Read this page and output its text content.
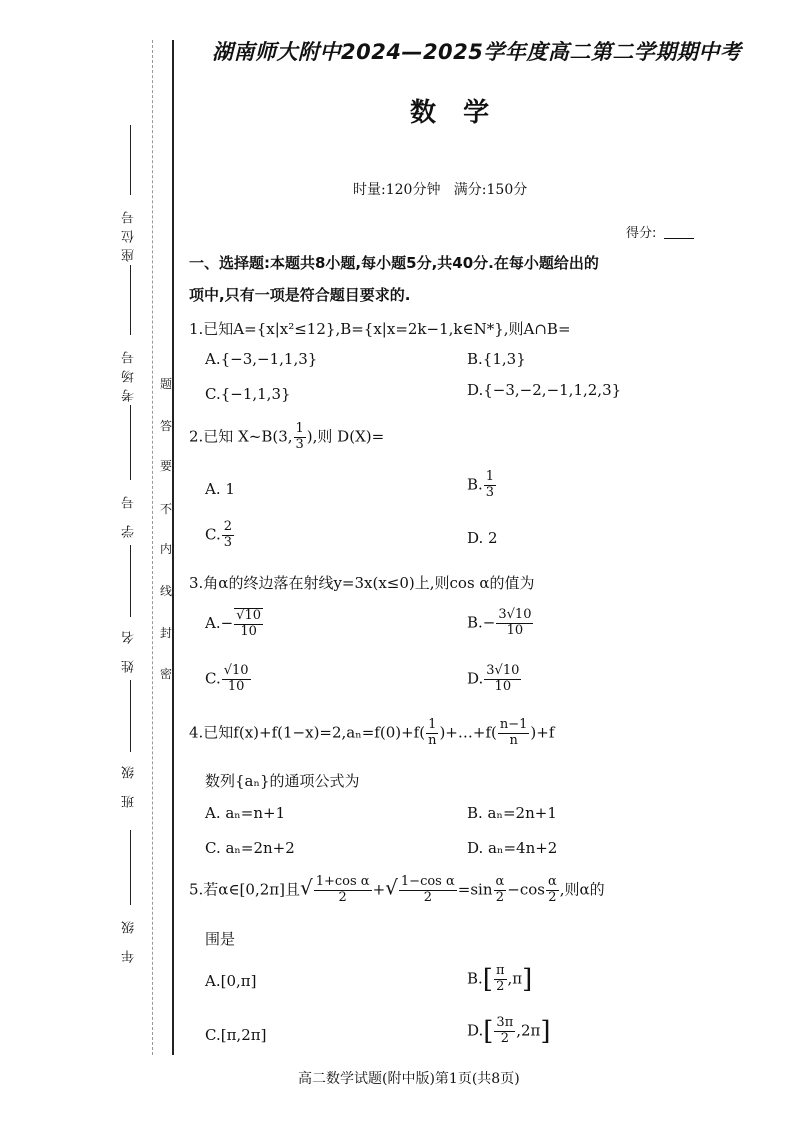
座位号
考场号
学 号
姓 名
班 级
年 级
题
答
要
不
内
线
封
密
湖南师大附中2024—2025学年度高二第二学期期中考
数   学
时量:120分钟   满分:150分
得分:
一、选择题:本题共8小题,每小题5分,共40分.在每小题给出的
项中,只有一项是符合题目要求的.
1.已知A={x|x²≤12},B={x|x=2k−1,k∈N*},则A∩B=
A.{−3,−1,1,3}	B.{1,3}
C.{−1,1,3}	D.{−3,−2,−1,1,2,3}
2.已知 X~B(3, $\frac{1}{3}$ ),则 D(X)=
A. 1	B. $\frac{1}{3}$
C. $\frac{2}{3}$	D. 2
3.角α的终边落在射线y=3x(x≤0)上,则cos α的值为
$A.- \frac{√10}{10}$	$B.- \frac{3√10}{10}$
C. $\frac{√10}{10}$	D. $\frac{3√10}{10}$
4.已知$f(x)+f(1-x)=2,a_n=f(0)+f( \frac{1}{n}$ )+…+f( $\frac{n-1}{n} )+f$
数列{aₙ}的通项公式为
A. aₙ=n+1	B. aₙ=2n+1
C. aₙ=2n+2	D. aₙ=4n+2
5.若α∈[0,2π]且√ $\frac{\text{1+cos α}}{2}$ +√ $\frac{\text{1−cos α}}{2} =\sin \frac{\alpha}{2} -\cos \frac{\alpha}{2}$ ,则α的
围是
A.[0,π]	$B.[ \frac{\pi}{2} ,\pi]$
C.[π,2π]	$D.[ \frac{3\pi}{2} ,2\pi]$
高二数学试题(附中版)第1页(共8页)
